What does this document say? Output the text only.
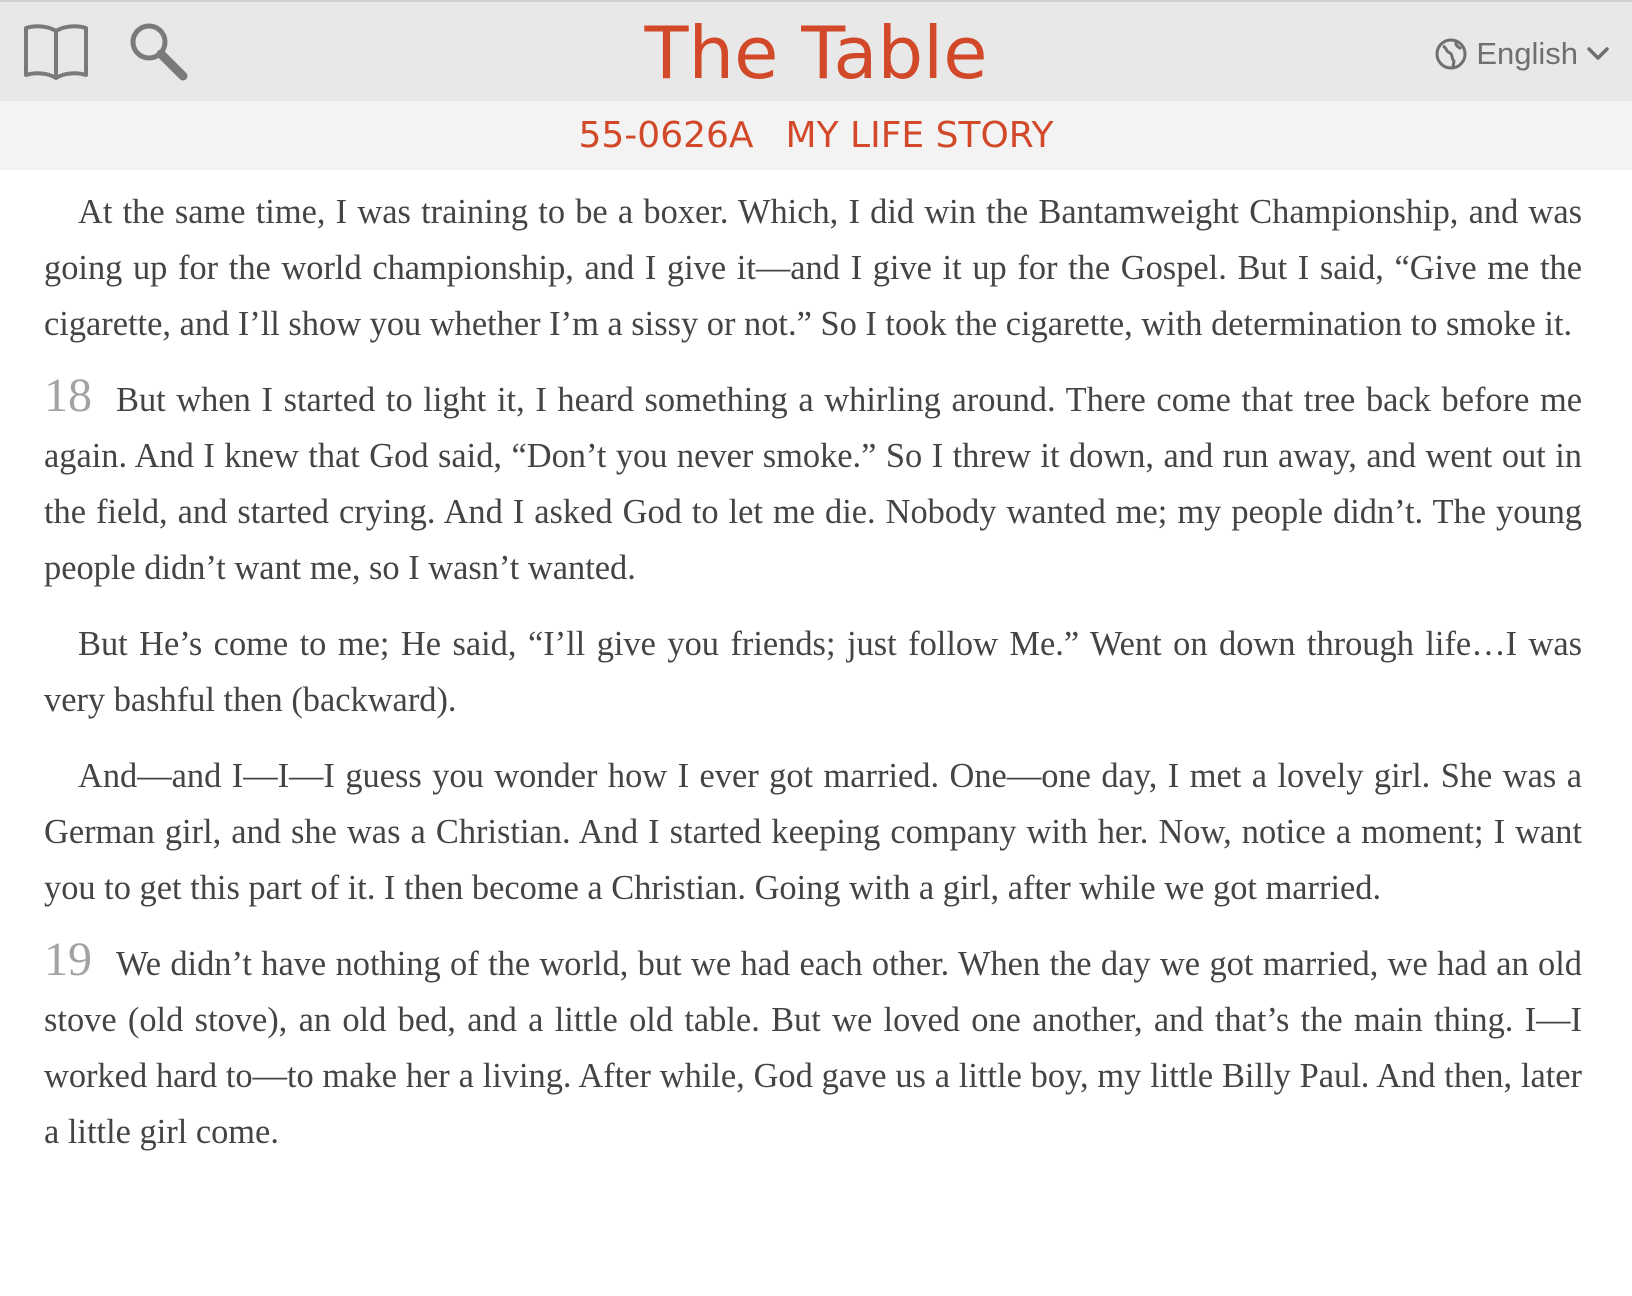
The Table	English
55-0626A MY LIFE STORY

At the same time, I was training to be a boxer. Which, I did win the Bantamweight Championship, and was going up for the world championship, and I give it—and I give it up for the Gospel. But I said, “Give me the cigarette, and I’ll show you whether I’m a sissy or not.” So I took the cigarette, with determination to smoke it.

18 But when I started to light it, I heard something a whirling around. There come that tree back before me again. And I knew that God said, “Don’t you never smoke.” So I threw it down, and run away, and went out in the field, and started crying. And I asked God to let me die. Nobody wanted me; my people didn’t. The young people didn’t want me, so I wasn’t wanted.

But He’s come to me; He said, “I’ll give you friends; just follow Me.” Went on down through life…I was very bashful then (backward).

And—and I—I—I guess you wonder how I ever got married. One—one day, I met a lovely girl. She was a German girl, and she was a Christian. And I started keeping company with her. Now, notice a moment; I want you to get this part of it. I then become a Christian. Going with a girl, after while we got married.

19 We didn’t have nothing of the world, but we had each other. When the day we got married, we had an old stove (old stove), an old bed, and a little old table. But we loved one another, and that’s the main thing. I—I worked hard to—to make her a living. After while, God gave us a little boy, my little Billy Paul. And then, later a little girl come.
